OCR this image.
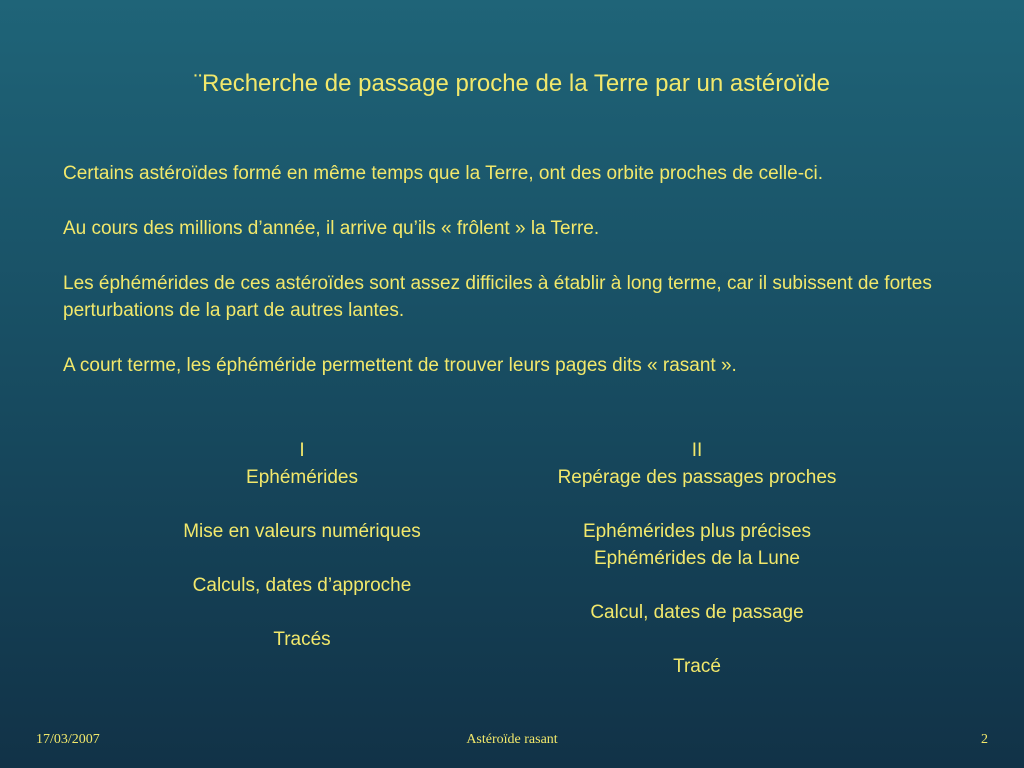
¨Recherche de passage proche de la Terre par un astéroïde

Certains astéroïdes formé en même temps que la Terre, ont des orbite proches de celle-ci.

Au cours des millions d’année, il arrive qu’ils « frôlent » la Terre.

Les éphémérides de ces astéroïdes sont assez difficiles à établir à long terme, car il subissent de fortes perturbations de la part de autres lantes.

A court terme, les éphéméride permettent de trouver leurs pages dits « rasant ».

I
Ephémérides
Mise en valeurs numériques
Calculs, dates d’approche
Tracés
II
Repérage des passages proches
Ephémérides plus précises
Ephémérides de la Lune
Calcul, dates de passage
Tracé
17/03/2007	Astéroïde rasant	2
